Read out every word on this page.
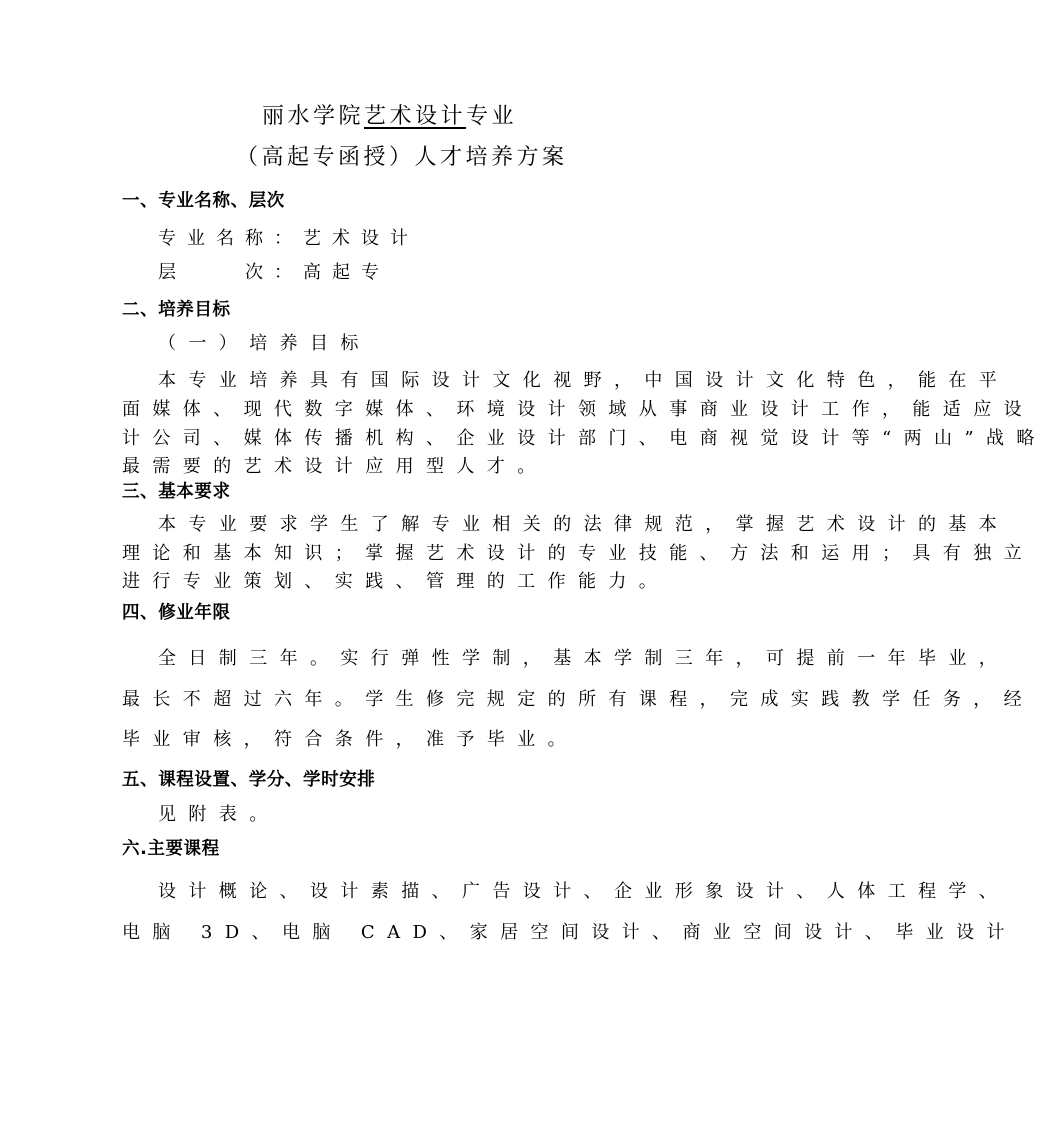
丽水学院艺术设计专业
（高起专函授）人才培养方案
一、专业名称、层次
专业名称：艺术设计
层　　次：高起专
二、培养目标
（一）培养目标
本专业培养具有国际设计文化视野，中国设计文化特色，能在平
面媒体、现代数字媒体、环境设计领域从事商业设计工作，能适应设
计公司、媒体传播机构、企业设计部门、电商视觉设计等“两山”战略
最需要的艺术设计应用型人才。
三、基本要求
本专业要求学生了解专业相关的法律规范，掌握艺术设计的基本
理论和基本知识；掌握艺术设计的专业技能、方法和运用；具有独立
进行专业策划、实践、管理的工作能力。
四、修业年限
全日制三年。实行弹性学制，基本学制三年，可提前一年毕业，
最长不超过六年。学生修完规定的所有课程，完成实践教学任务，经
毕业审核，符合条件，准予毕业。
五、课程设置、学分、学时安排
见附表。
六.主要课程
设计概论、设计素描、广告设计、企业形象设计、人体工程学、
电脑 3D、电脑 CAD、家居空间设计、商业空间设计、毕业设计
